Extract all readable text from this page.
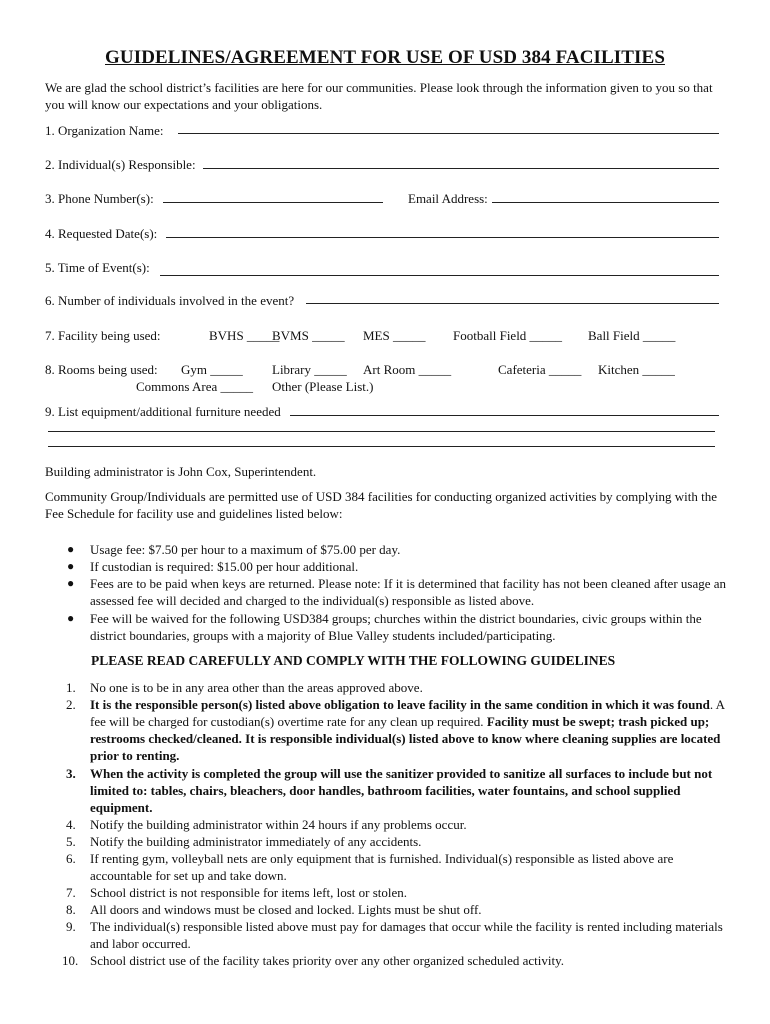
GUIDELINES/AGREEMENT FOR USE OF USD 384 FACILITIES
We are glad the school district’s facilities are here for our communities. Please look through the information given to you so that you will know our expectations and your obligations.
1. Organization Name:
2. Individual(s) Responsible:
3. Phone Number(s):	Email Address:
4. Requested Date(s):
5. Time of Event(s):
6. Number of individuals involved in the event?
7. Facility being used:	BVHS _____
BVMS _____ MES _____ Football Field _____ Ball Field _____
8. Rooms being used: Gym _____ Library _____ Art Room _____	Cafeteria _____ Kitchen _____
Commons Area _____ Other (Please List.)
9. List equipment/additional furniture needed
Building administrator is John Cox, Superintendent.
Community Group/Individuals are permitted use of USD 384 facilities for conducting organized activities by complying with the Fee Schedule for facility use and guidelines listed below:
● Usage fee: $7.50 per hour to a maximum of $75.00 per day.
● If custodian is required: $15.00 per hour additional.
● Fees are to be paid when keys are returned. Please note: If it is determined that facility has not been cleaned after usage an assessed fee will decided and charged to the individual(s) responsible as listed above.
● Fee will be waived for the following USD384 groups; churches within the district boundaries, civic groups within the district boundaries, groups with a majority of Blue Valley students included/participating.
PLEASE READ CAREFULLY AND COMPLY WITH THE FOLLOWING GUIDELINES
1. No one is to be in any area other than the areas approved above.
2. It is the responsible person(s) listed above obligation to leave facility in the same condition in which it was found. A fee will be charged for custodian(s) overtime rate for any clean up required. Facility must be swept; trash picked up; restrooms checked/cleaned. It is responsible individual(s) listed above to know where cleaning supplies are located prior to renting.
3. When the activity is completed the group will use the sanitizer provided to sanitize all surfaces to include but not limited to: tables, chairs, bleachers, door handles, bathroom facilities, water fountains, and school supplied equipment.
4. Notify the building administrator within 24 hours if any problems occur.
5. Notify the building administrator immediately of any accidents.
6. If renting gym, volleyball nets are only equipment that is furnished. Individual(s) responsible as listed above are accountable for set up and take down.
7. School district is not responsible for items left, lost or stolen.
8. All doors and windows must be closed and locked. Lights must be shut off.
9. The individual(s) responsible listed above must pay for damages that occur while the facility is rented including materials and labor occurred.
10. School district use of the facility takes priority over any other organized scheduled activity.
